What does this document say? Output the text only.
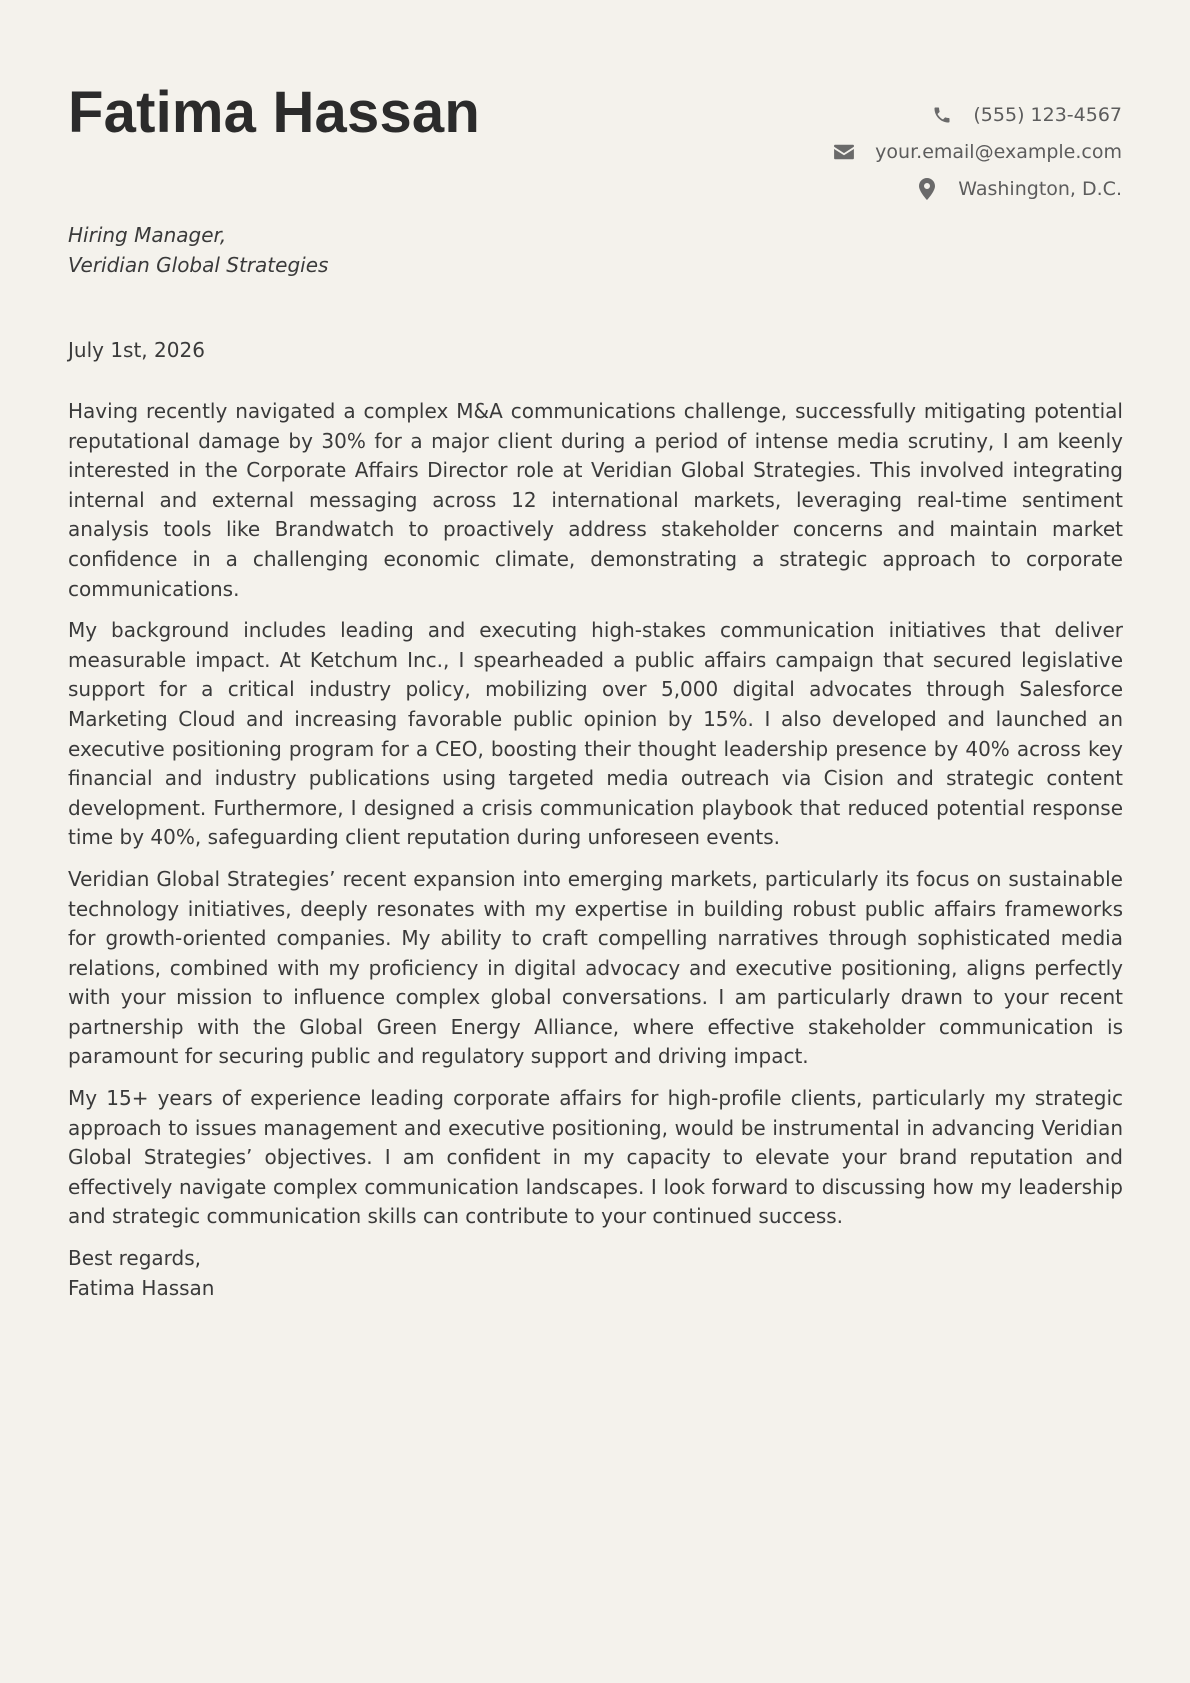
Fatima Hassan	(555) 123-4567
your.email@example.com
Washington, D.C.
Hiring Manager,
Veridian Global Strategies
July 1st, 2026

Having recently navigated a complex M&A communications challenge, successfully mitigating potential reputational damage by 30% for a major client during a period of intense media scrutiny, I am keenly interested in the Corporate Affairs Director role at Veridian Global Strategies. This involved integrating internal and external messaging across 12 international markets, leveraging real-time sentiment analysis tools like Brandwatch to proactively address stakeholder concerns and maintain market confidence in a challenging economic climate, demonstrating a strategic approach to corporate communications.

My background includes leading and executing high-stakes communication initiatives that deliver measurable impact. At Ketchum Inc., I spearheaded a public affairs campaign that secured legislative support for a critical industry policy, mobilizing over 5,000 digital advocates through Salesforce Marketing Cloud and increasing favorable public opinion by 15%. I also developed and launched an executive positioning program for a CEO, boosting their thought leadership presence by 40% across key financial and industry publications using targeted media outreach via Cision and strategic content development. Furthermore, I designed a crisis communication playbook that reduced potential response time by 40%, safeguarding client reputation during unforeseen events.

Veridian Global Strategies’ recent expansion into emerging markets, particularly its focus on sustainable technology initiatives, deeply resonates with my expertise in building robust public affairs frameworks for growth-oriented companies. My ability to craft compelling narratives through sophisticated media relations, combined with my proficiency in digital advocacy and executive positioning, aligns perfectly with your mission to influence complex global conversations. I am particularly drawn to your recent partnership with the Global Green Energy Alliance, where effective stakeholder communication is paramount for securing public and regulatory support and driving impact.

My 15+ years of experience leading corporate affairs for high-profile clients, particularly my strategic approach to issues management and executive positioning, would be instrumental in advancing Veridian Global Strategies’ objectives. I am confident in my capacity to elevate your brand reputation and effectively navigate complex communication landscapes. I look forward to discussing how my leadership and strategic communication skills can contribute to your continued success.

Best regards,
Fatima Hassan
